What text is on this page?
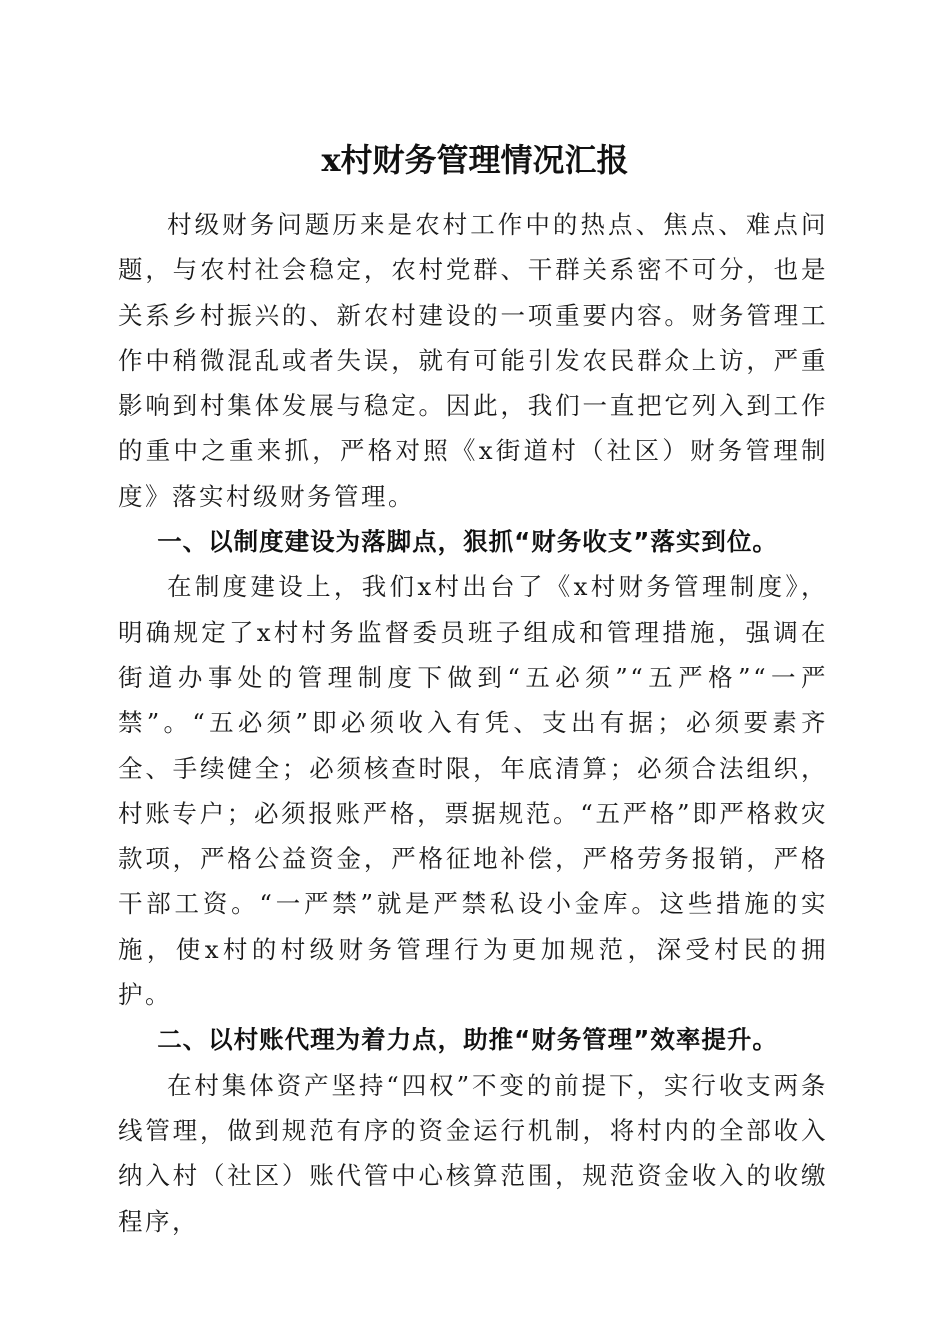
x村财务管理情况汇报

村级财务问题历来是农村工作中的热点、焦点、难点问题，与农村社会稳定，农村党群、干群关系密不可分，也是关系乡村振兴的、新农村建设的一项重要内容。财务管理工作中稍微混乱或者失误，就有可能引发农民群众上访，严重影响到村集体发展与稳定。因此，我们一直把它列入到工作的重中之重来抓，严格对照《x街道村（社区）财务管理制度》落实村级财务管理。

一、以制度建设为落脚点，狠抓“财务收支”落实到位。

在制度建设上，我们x村出台了《x村财务管理制度》，明确规定了x村村务监督委员班子组成和管理措施，强调在街道办事处的管理制度下做到“五必须”“五严格”“一严禁”。“五必须”即必须收入有凭、支出有据；必须要素齐全、手续健全；必须核查时限，年底清算；必须合法组织，村账专户；必须报账严格，票据规范。“五严格”即严格救灾款项，严格公益资金，严格征地补偿，严格劳务报销，严格干部工资。“一严禁”就是严禁私设小金库。这些措施的实施，使x村的村级财务管理行为更加规范，深受村民的拥护。

二、以村账代理为着力点，助推“财务管理”效率提升。

在村集体资产坚持“四权”不变的前提下，实行收支两条线管理，做到规范有序的资金运行机制，将村内的全部收入纳入村（社区）账代管中心核算范围，规范资金收入的收缴程序，
